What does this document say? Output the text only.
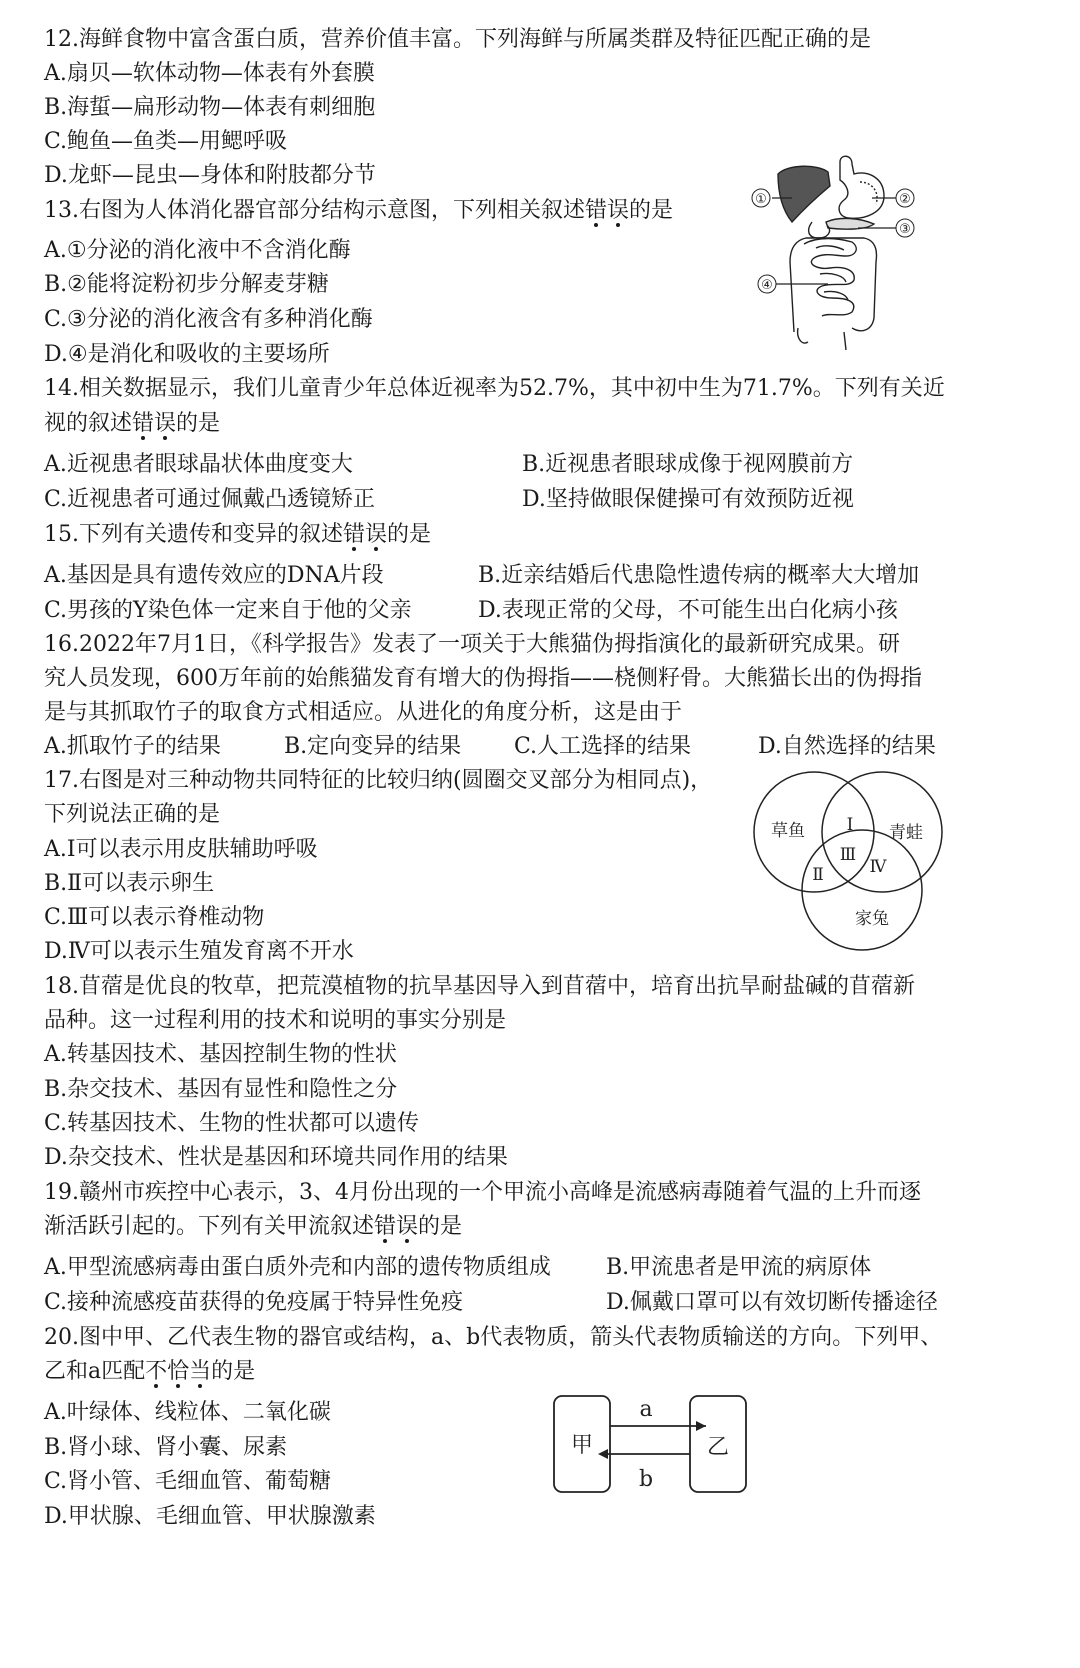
12.海鲜食物中富含蛋白质，营养价值丰富。下列海鲜与所属类群及特征匹配正确的是
A.扇贝—软体动物—体表有外套膜
B.海蜇—扁形动物—体表有刺细胞
C.鲍鱼—鱼类—用鳃呼吸
D.龙虾—昆虫—身体和附肢都分节
13.右图为人体消化器官部分结构示意图，下列相关叙述错误的是
A.①分泌的消化液中不含消化酶
B.②能将淀粉初步分解麦芽糖
C.③分泌的消化液含有多种消化酶
D.④是消化和吸收的主要场所
①	②
③
④
14.相关数据显示，我们儿童青少年总体近视率为52.7%，其中初中生为71.7%。下列有关近
视的叙述错误的是
A.近视患者眼球晶状体曲度变大	B.近视患者眼球成像于视网膜前方
C.近视患者可通过佩戴凸透镜矫正	D.坚持做眼保健操可有效预防近视
15.下列有关遗传和变异的叙述错误的是
A.基因是具有遗传效应的DNA片段	B.近亲结婚后代患隐性遗传病的概率大大增加
C.男孩的Y染色体一定来自于他的父亲	D.表现正常的父母，不可能生出白化病小孩
16.2022年7月1日，《科学报告》发表了一项关于大熊猫伪拇指演化的最新研究成果。研
究人员发现，600万年前的始熊猫发育有增大的伪拇指——桡侧籽骨。大熊猫长出的伪拇指
是与其抓取竹子的取食方式相适应。从进化的角度分析，这是由于
A.抓取竹子的结果	B.定向变异的结果 C.人工选择的结果	D.自然选择的结果
17.右图是对三种动物共同特征的比较归纳(圆圈交叉部分为相同点)，
下列说法正确的是
A.Ⅰ可以表示用皮肤辅助呼吸
B.Ⅱ可以表示卵生
C.Ⅲ可以表示脊椎动物
D.Ⅳ可以表示生殖发育离不开水
草鱼	青蛙
家兔
Ⅰ
Ⅱ
Ⅲ
Ⅳ
18.苜蓿是优良的牧草，把荒漠植物的抗旱基因导入到苜蓿中，培育出抗旱耐盐碱的苜蓿新
品种。这一过程利用的技术和说明的事实分别是
A.转基因技术、基因控制生物的性状
B.杂交技术、基因有显性和隐性之分
C.转基因技术、生物的性状都可以遗传
D.杂交技术、性状是基因和环境共同作用的结果
19.赣州市疾控中心表示，3、4月份出现的一个甲流小高峰是流感病毒随着气温的上升而逐
渐活跃引起的。下列有关甲流叙述错误的是
A.甲型流感病毒由蛋白质外壳和内部的遗传物质组成	B.甲流患者是甲流的病原体
C.接种流感疫苗获得的免疫属于特异性免疫	D.佩戴口罩可以有效切断传播途径
20.图中甲、乙代表生物的器官或结构，a、b代表物质，箭头代表物质输送的方向。下列甲、
乙和a匹配不恰当的是
A.叶绿体、线粒体、二氧化碳
B.肾小球、肾小囊、尿素
C.肾小管、毛细血管、葡萄糖
D.甲状腺、毛细血管、甲状腺激素
甲	乙
a
b
